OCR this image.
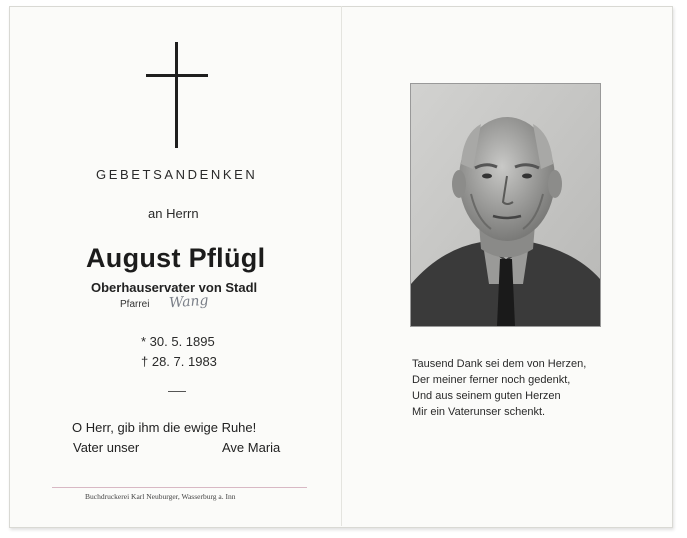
GEBETSANDENKEN
an Herrn
August Pflügl
Oberhauservater von Stadl
Pfarrei Wang
* 30. 5. 1895
† 28. 7. 1983
O Herr, gib ihm die ewige Ruhe!
Vater unser	Ave Maria
Buchdruckerei Karl Neuburger, Wasserburg a. Inn
Tausend Dank sei dem von Herzen,
Der meiner ferner noch gedenkt,
Und aus seinem guten Herzen
Mir ein Vaterunser schenkt.
